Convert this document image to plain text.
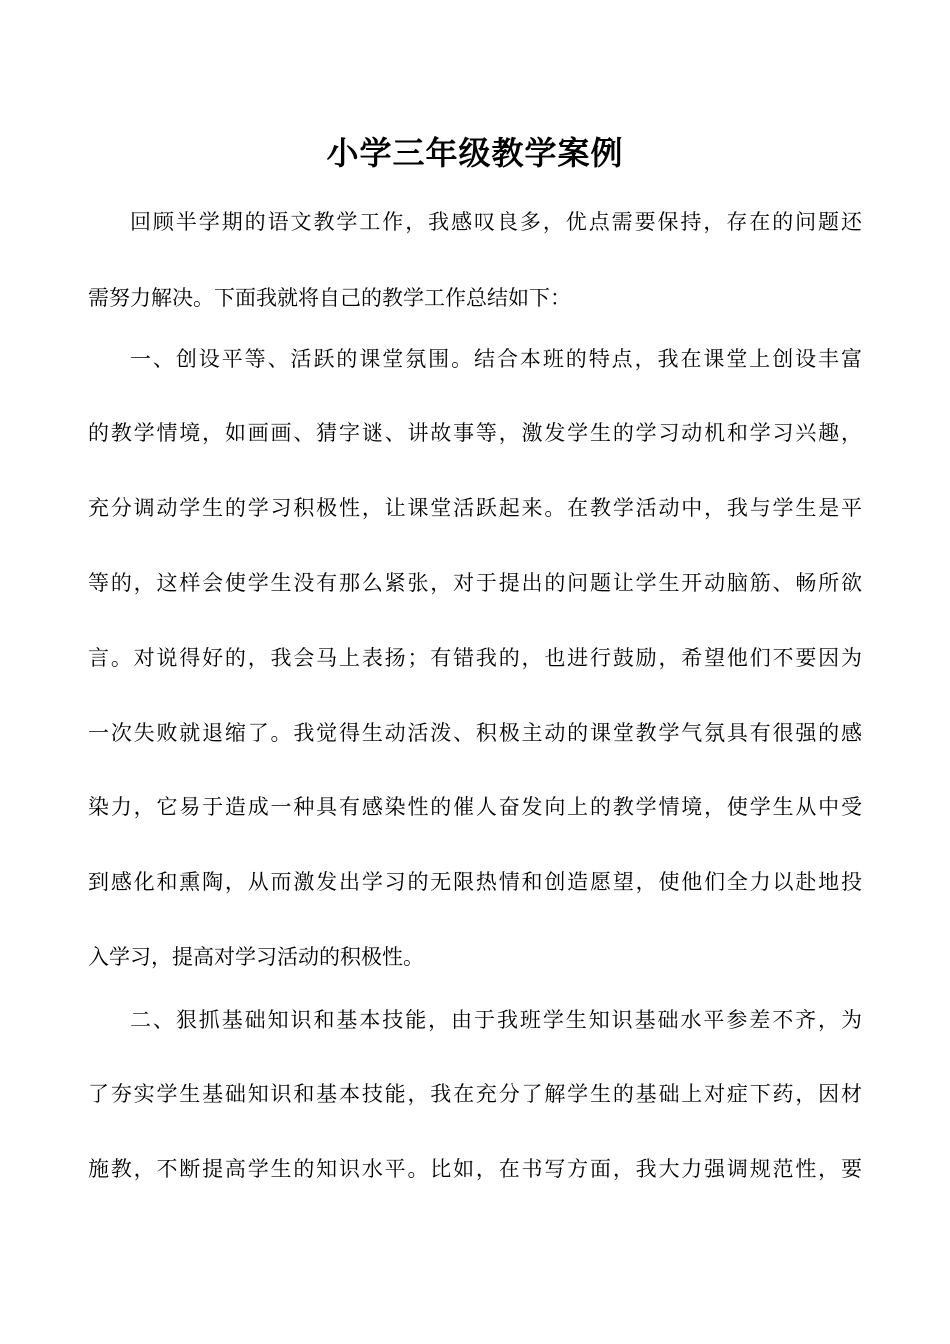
小学三年级教学案例
回顾半学期的语文教学工作，我感叹良多，优点需要保持，存在的问题还
需努力解决。下面我就将自己的教学工作总结如下：
一、创设平等、活跃的课堂氛围。结合本班的特点，我在课堂上创设丰富
的教学情境，如画画、猜字谜、讲故事等，激发学生的学习动机和学习兴趣，
充分调动学生的学习积极性，让课堂活跃起来。在教学活动中，我与学生是平
等的，这样会使学生没有那么紧张，对于提出的问题让学生开动脑筋、畅所欲
言。对说得好的，我会马上表扬；有错我的，也进行鼓励，希望他们不要因为
一次失败就退缩了。我觉得生动活泼、积极主动的课堂教学气氛具有很强的感
染力，它易于造成一种具有感染性的催人奋发向上的教学情境，使学生从中受
到感化和熏陶，从而激发出学习的无限热情和创造愿望，使他们全力以赴地投
入学习，提高对学习活动的积极性。
二、狠抓基础知识和基本技能，由于我班学生知识基础水平参差不齐，为
了夯实学生基础知识和基本技能，我在充分了解学生的基础上对症下药，因材
施教，不断提高学生的知识水平。比如，在书写方面，我大力强调规范性，要
